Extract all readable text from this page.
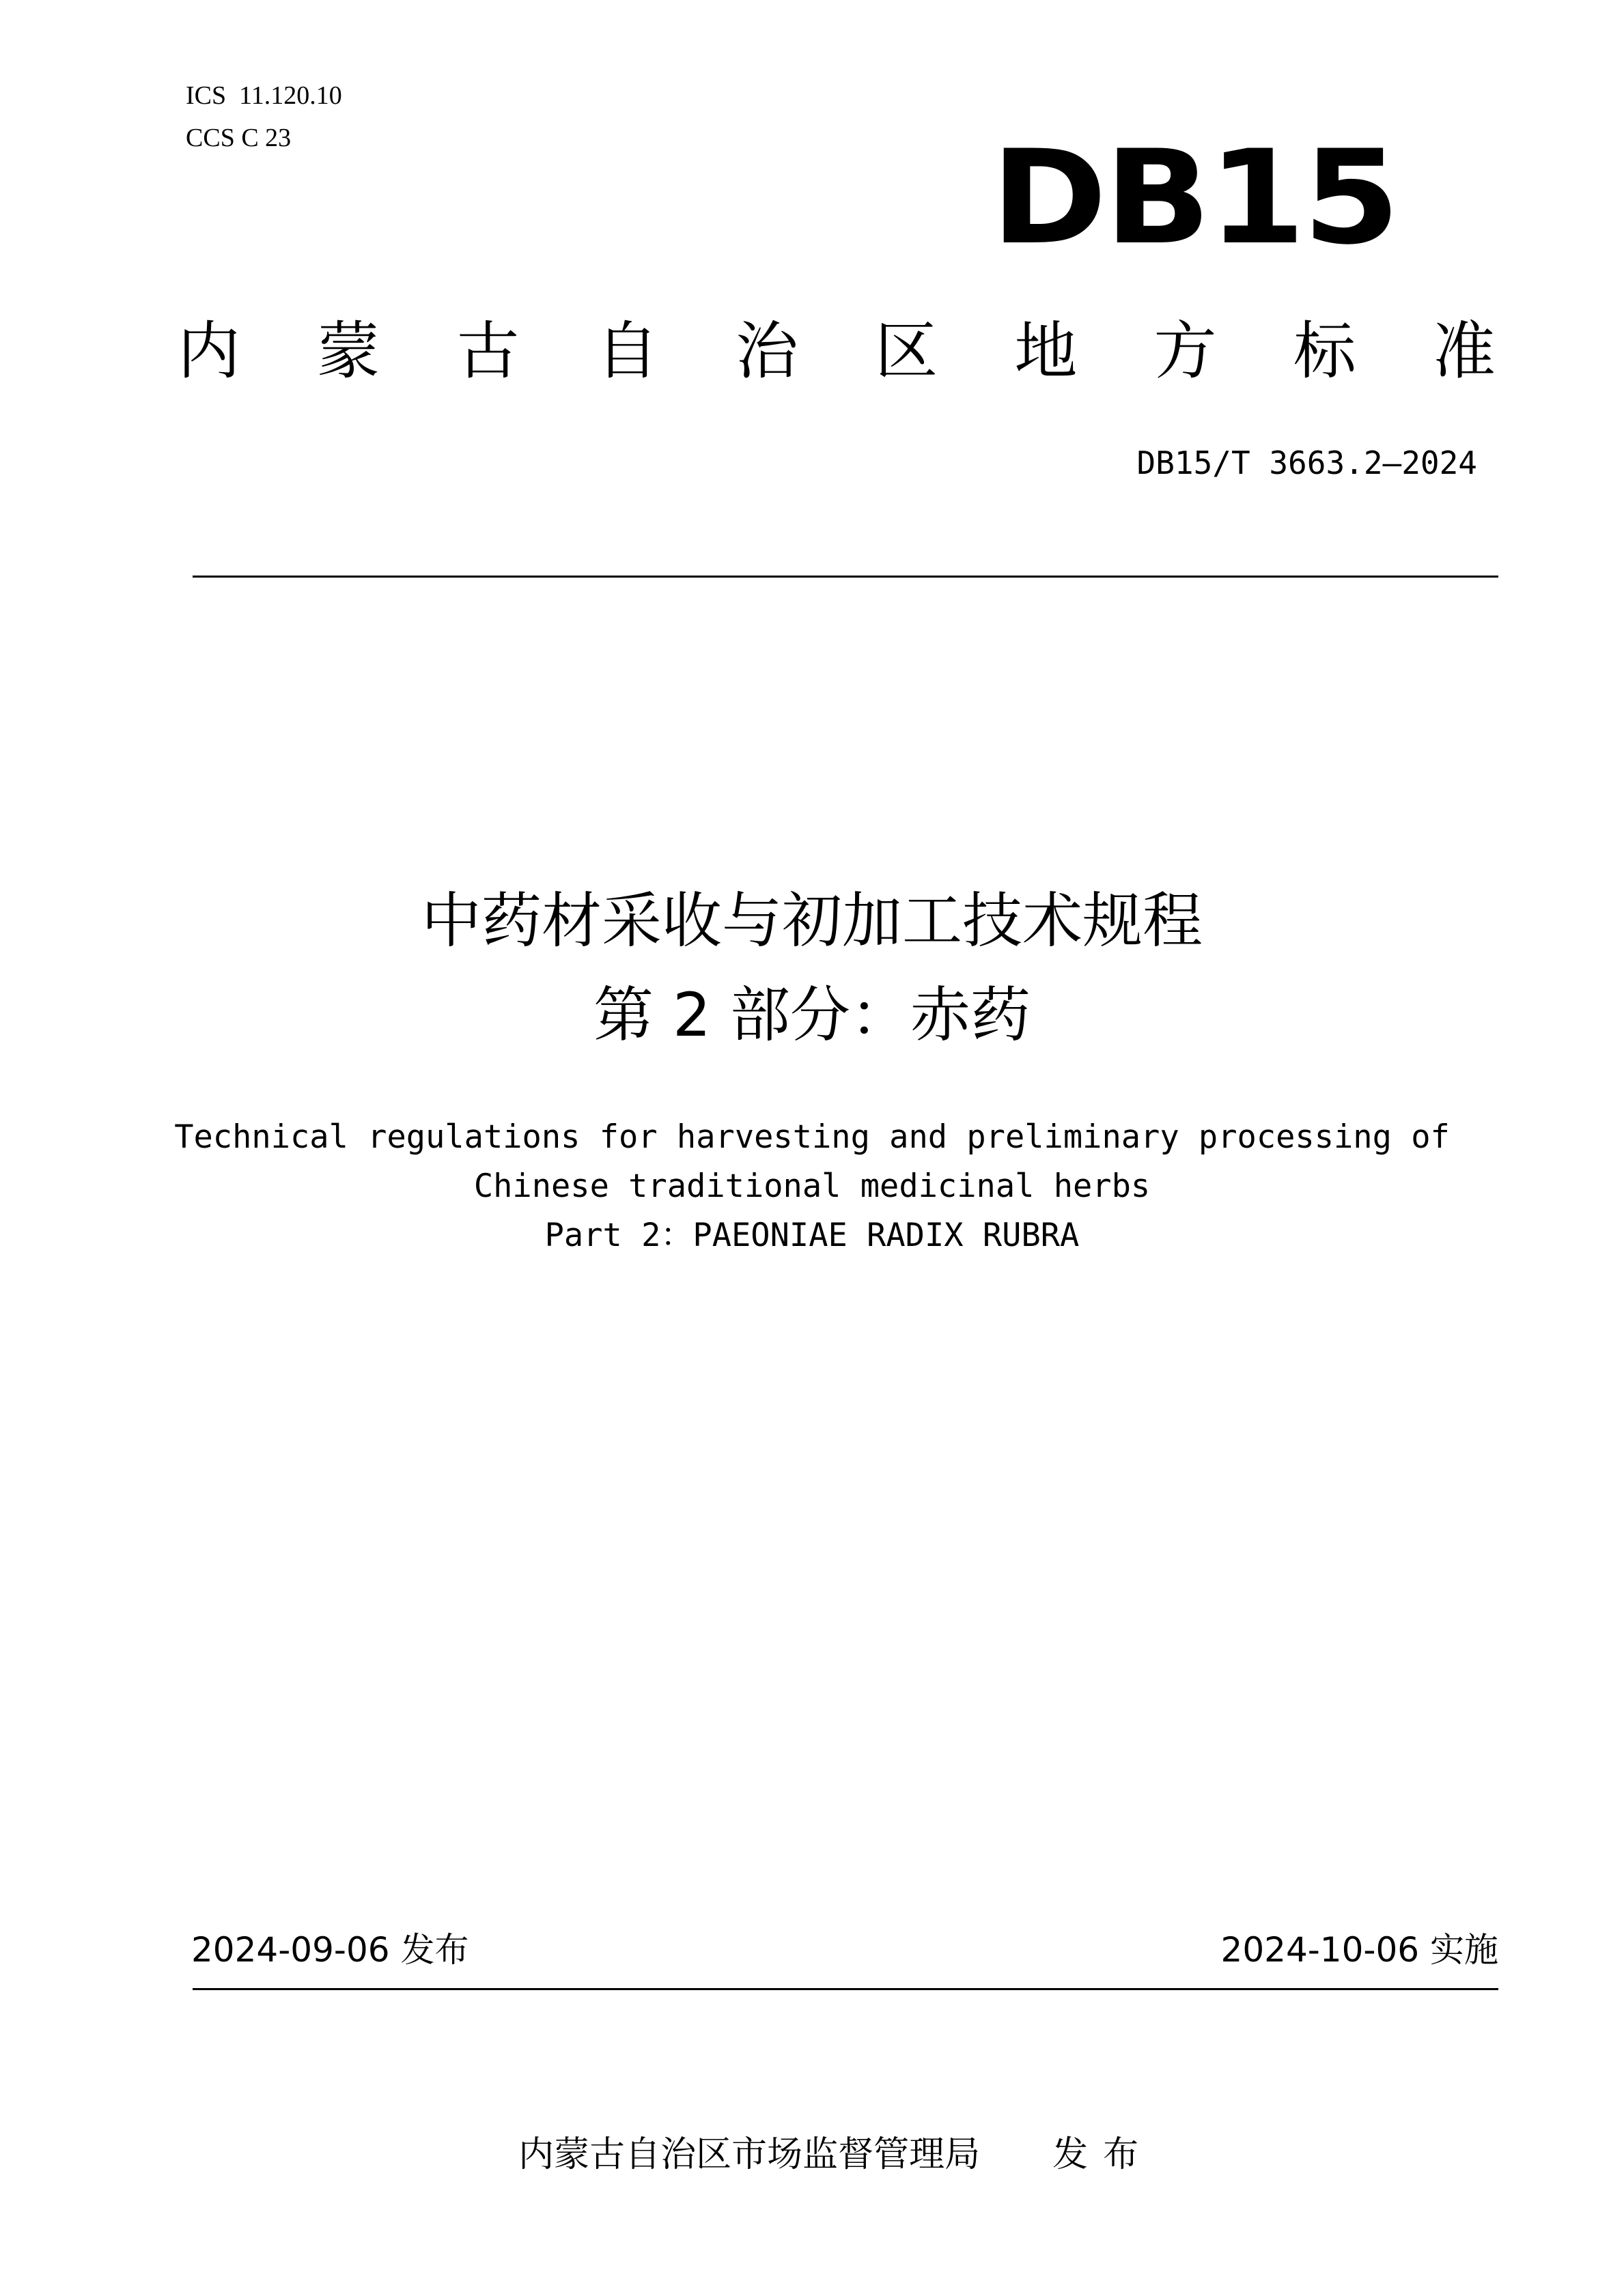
ICS  11.120.10
CCS C 23	DB15
内 蒙 古 自 治 区 地 方 标 准
DB15/T 3663.2—2024
中药材采收与初加工技术规程
第 2 部分：赤药
Technical regulations for harvesting and preliminary processing of
Chinese traditional medicinal herbs
Part 2：PAEONIAE RADIX RUBRA
2024-09-06 发布	2024-10-06 实施

内蒙古自治区市场监督管理局 发布
